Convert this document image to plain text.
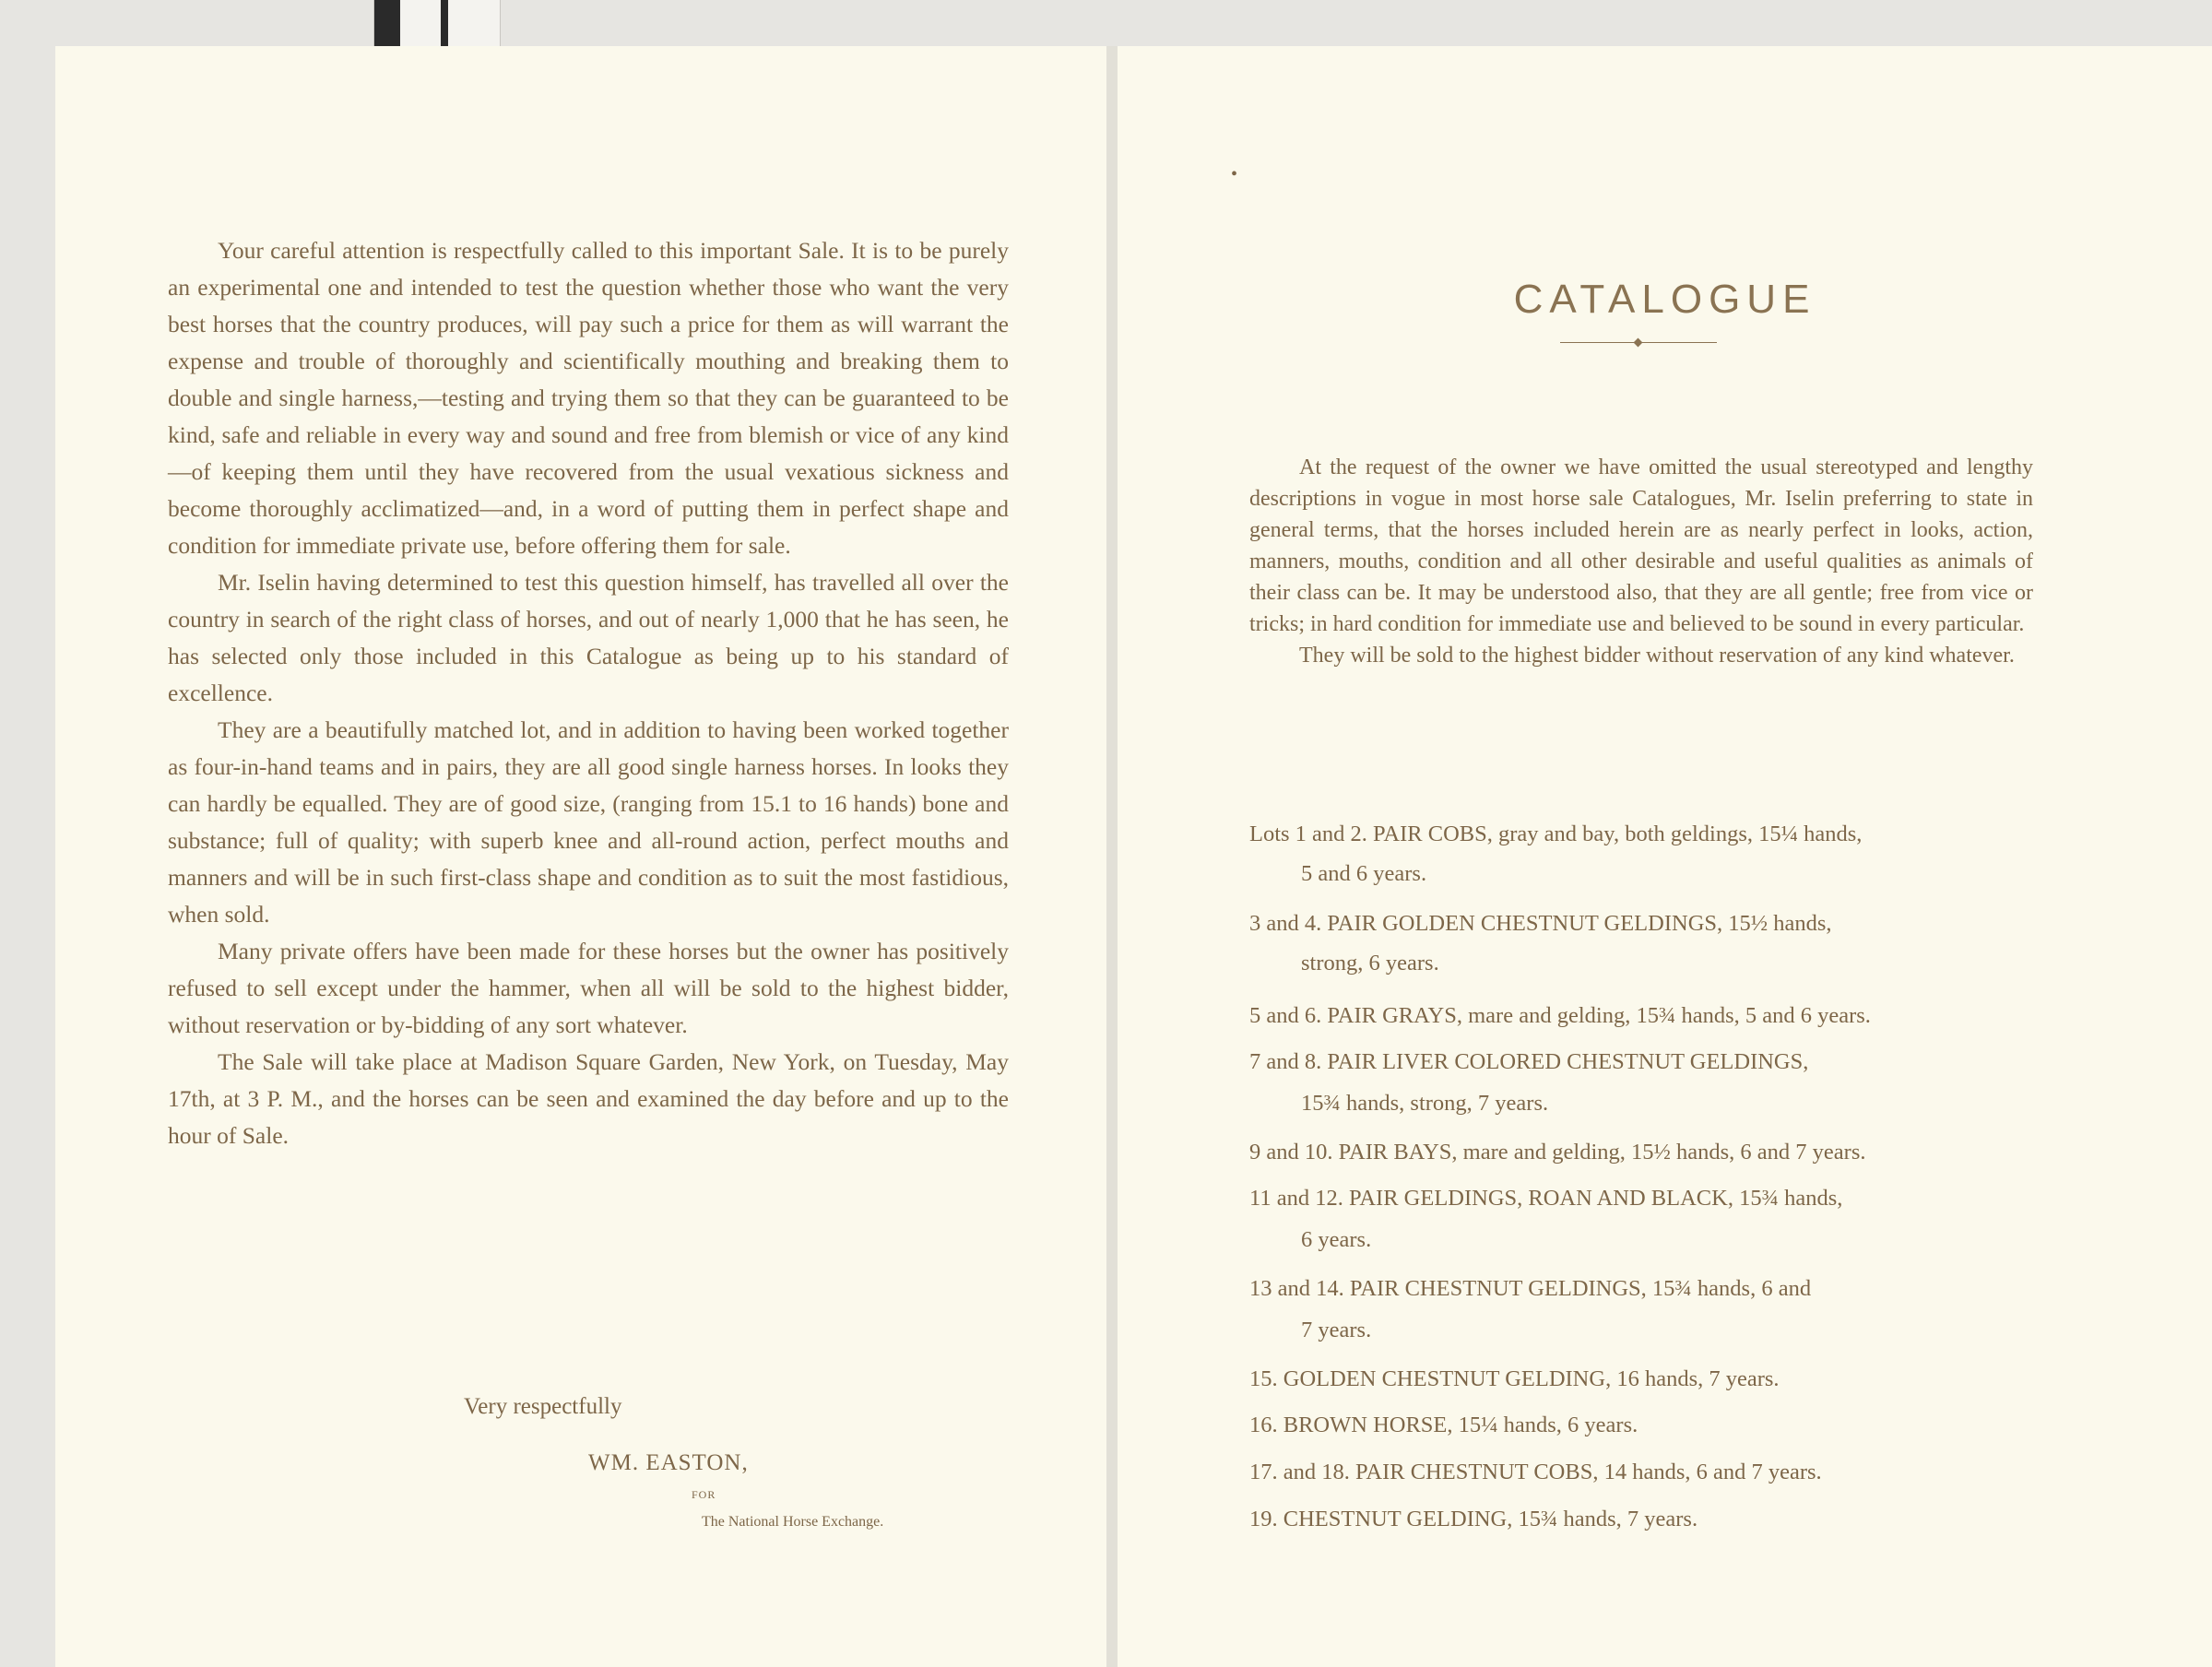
Your careful attention is respectfully called to this important Sale. It is to be purely an experimental one and intended to test the question whether those who want the very best horses that the country produces, will pay such a price for them as will warrant the expense and trouble of thoroughly and scientifically mouthing and breaking them to double and single harness,—testing and trying them so that they can be guaranteed to be kind, safe and reliable in every way and sound and free from blemish or vice of any kind—of keeping them until they have recovered from the usual vexatious sickness and become thoroughly acclimatized—and, in a word of putting them in perfect shape and condition for immediate private use, before offering them for sale.

Mr. Iselin having determined to test this question himself, has travelled all over the country in search of the right class of horses, and out of nearly 1,000 that he has seen, he has selected only those included in this Catalogue as being up to his standard of excellence.

They are a beautifully matched lot, and in addition to having been worked together as four-in-hand teams and in pairs, they are all good single harness horses. In looks they can hardly be equalled. They are of good size, (ranging from 15.1 to 16 hands) bone and substance; full of quality; with superb knee and all-round action, perfect mouths and manners and will be in such first-class shape and condition as to suit the most fastidious, when sold.

Many private offers have been made for these horses but the owner has positively refused to sell except under the hammer, when all will be sold to the highest bidder, without reservation or by-bidding of any sort whatever.

The Sale will take place at Madison Square Garden, New York, on Tuesday, May 17th, at 3 P. M., and the horses can be seen and examined the day before and up to the hour of Sale.

Very respectfully
WM. EASTON,
FOR
The National Horse Exchange.
CATALOGUE

At the request of the owner we have omitted the usual stereotyped and lengthy descriptions in vogue in most horse sale Catalogues, Mr. Iselin preferring to state in general terms, that the horses included herein are as nearly perfect in looks, action, manners, mouths, condition and all other desirable and useful qualities as animals of their class can be. It may be understood also, that they are all gentle; free from vice or tricks; in hard condition for immediate use and believed to be sound in every particular.

They will be sold to the highest bidder without reservation of any kind whatever.

Lots 1 and 2. PAIR COBS, gray and bay, both geldings, 15¼ hands,
5 and 6 years.
3 and 4. PAIR GOLDEN CHESTNUT GELDINGS, 15½ hands,
strong, 6 years.
5 and 6. PAIR GRAYS, mare and gelding, 15¾ hands, 5 and 6 years.
7 and 8. PAIR LIVER COLORED CHESTNUT GELDINGS,
15¾ hands, strong, 7 years.
9 and 10. PAIR BAYS, mare and gelding, 15½ hands, 6 and 7 years.
11 and 12. PAIR GELDINGS, ROAN AND BLACK, 15¾ hands,
6 years.
13 and 14. PAIR CHESTNUT GELDINGS, 15¾ hands, 6 and
7 years.
15. GOLDEN CHESTNUT GELDING, 16 hands, 7 years.
16. BROWN HORSE, 15¼ hands, 6 years.
17. and 18. PAIR CHESTNUT COBS, 14 hands, 6 and 7 years.
19. CHESTNUT GELDING, 15¾ hands, 7 years.
•
